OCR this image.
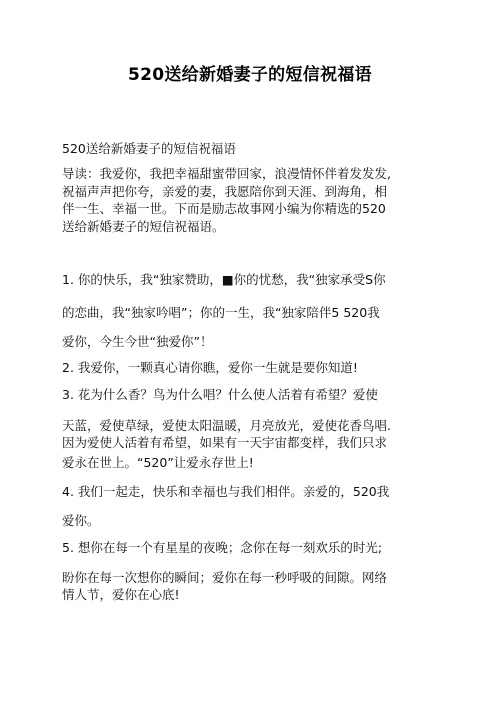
520送给新婚妻子的短信祝福语
520送给新婚妻子的短信祝福语
导读：我爱你，我把幸福甜蜜带回家，浪漫情怀伴着发发发,
祝福声声把你夸，亲爱的妻，我愿陪你到天涯、到海角，相
伴一生、幸福一世。下而是励志故事网小编为你精选的520
送给新婚妻子的短信祝福语。
1. 你的快乐，我“独家赞助，■你的忧愁，我“独家承受S你
的恋曲，我“独家吟唱”；你的一生，我“独家陪伴5 520我
爱你，今生今世“独爱你”！
2. 我爱你，一颗真心请你瞧，爱你一生就是要你知道!
3. 花为什么香？鸟为什么唱？什么使人活着有希望？爱使
天蓝，爱使草绿，爱使太阳温暖，月亮放光，爱使花香鸟唱.
因为爱使人活着有希望，如果有一天宇宙都变样，我们只求
爱永在世上。“520”让爱永存世上!
4. 我们一起走，快乐和幸福也与我们相伴。亲爱的，520我
爱你。
5. 想你在每一个有星星的夜晚；念你在每一刻欢乐的时光;
盼你在每一次想你的瞬间；爱你在每一秒呼吸的间隙。网络
情人节，爱你在心底!
